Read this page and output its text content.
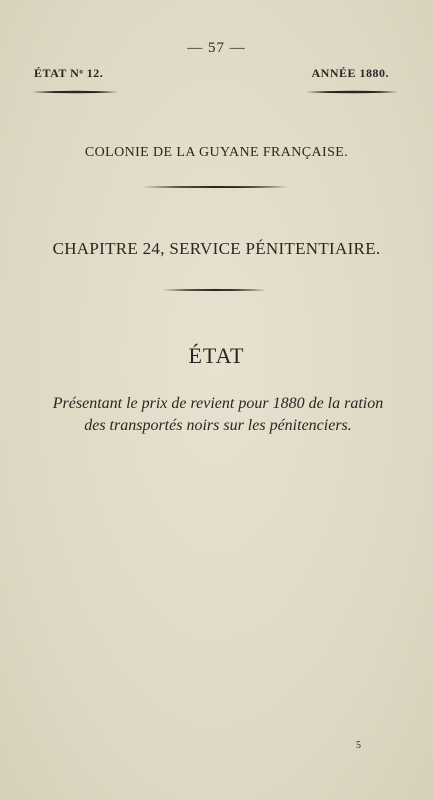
— 57 —
ÉTAT Nᵒ 12.	ANNÉE 1880.
COLONIE DE LA GUYANE FRANÇAISE.
CHAPITRE 24, SERVICE PÉNITENTIAIRE.
ÉTAT
Présentant le prix de revient pour 1880 de la ration
des transportés noirs sur les pénitenciers.
5
